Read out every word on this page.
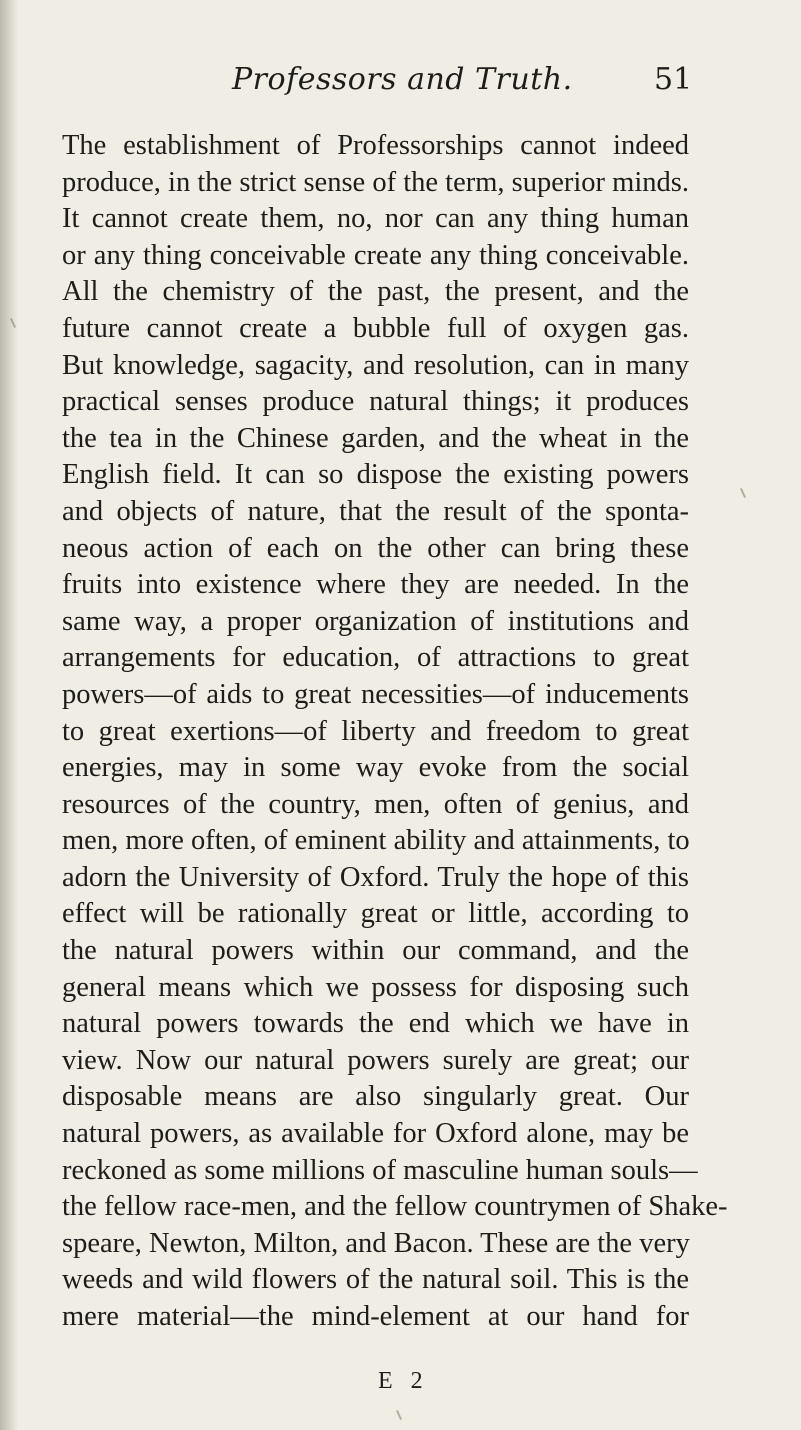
Professors and Truth.	51
The establishment of Professorships cannot indeed
produce, in the strict sense of the term, superior minds.
It cannot create them, no, nor can any thing human
or any thing conceivable create any thing conceivable.
All the chemistry of the past, the present, and the
future cannot create a bubble full of oxygen gas.
But knowledge, sagacity, and resolution, can in many
practical senses produce natural things; it produces
the tea in the Chinese garden, and the wheat in the
English field. It can so dispose the existing powers
and objects of nature, that the result of the sponta-
neous action of each on the other can bring these
fruits into existence where they are needed. In the
same way, a proper organization of institutions and
arrangements for education, of attractions to great
powers—of aids to great necessities—of inducements
to great exertions—of liberty and freedom to great
energies, may in some way evoke from the social
resources of the country, men, often of genius, and
men, more often, of eminent ability and attainments, to
adorn the University of Oxford. Truly the hope of this
effect will be rationally great or little, according to
the natural powers within our command, and the
general means which we possess for disposing such
natural powers towards the end which we have in
view. Now our natural powers surely are great; our
disposable means are also singularly great. Our
natural powers, as available for Oxford alone, may be
reckoned as some millions of masculine human souls—
the fellow race-men, and the fellow countrymen of Shake-
speare, Newton, Milton, and Bacon. These are the very
weeds and wild flowers of the natural soil. This is the
mere material—the mind-element at our hand for
E 2
